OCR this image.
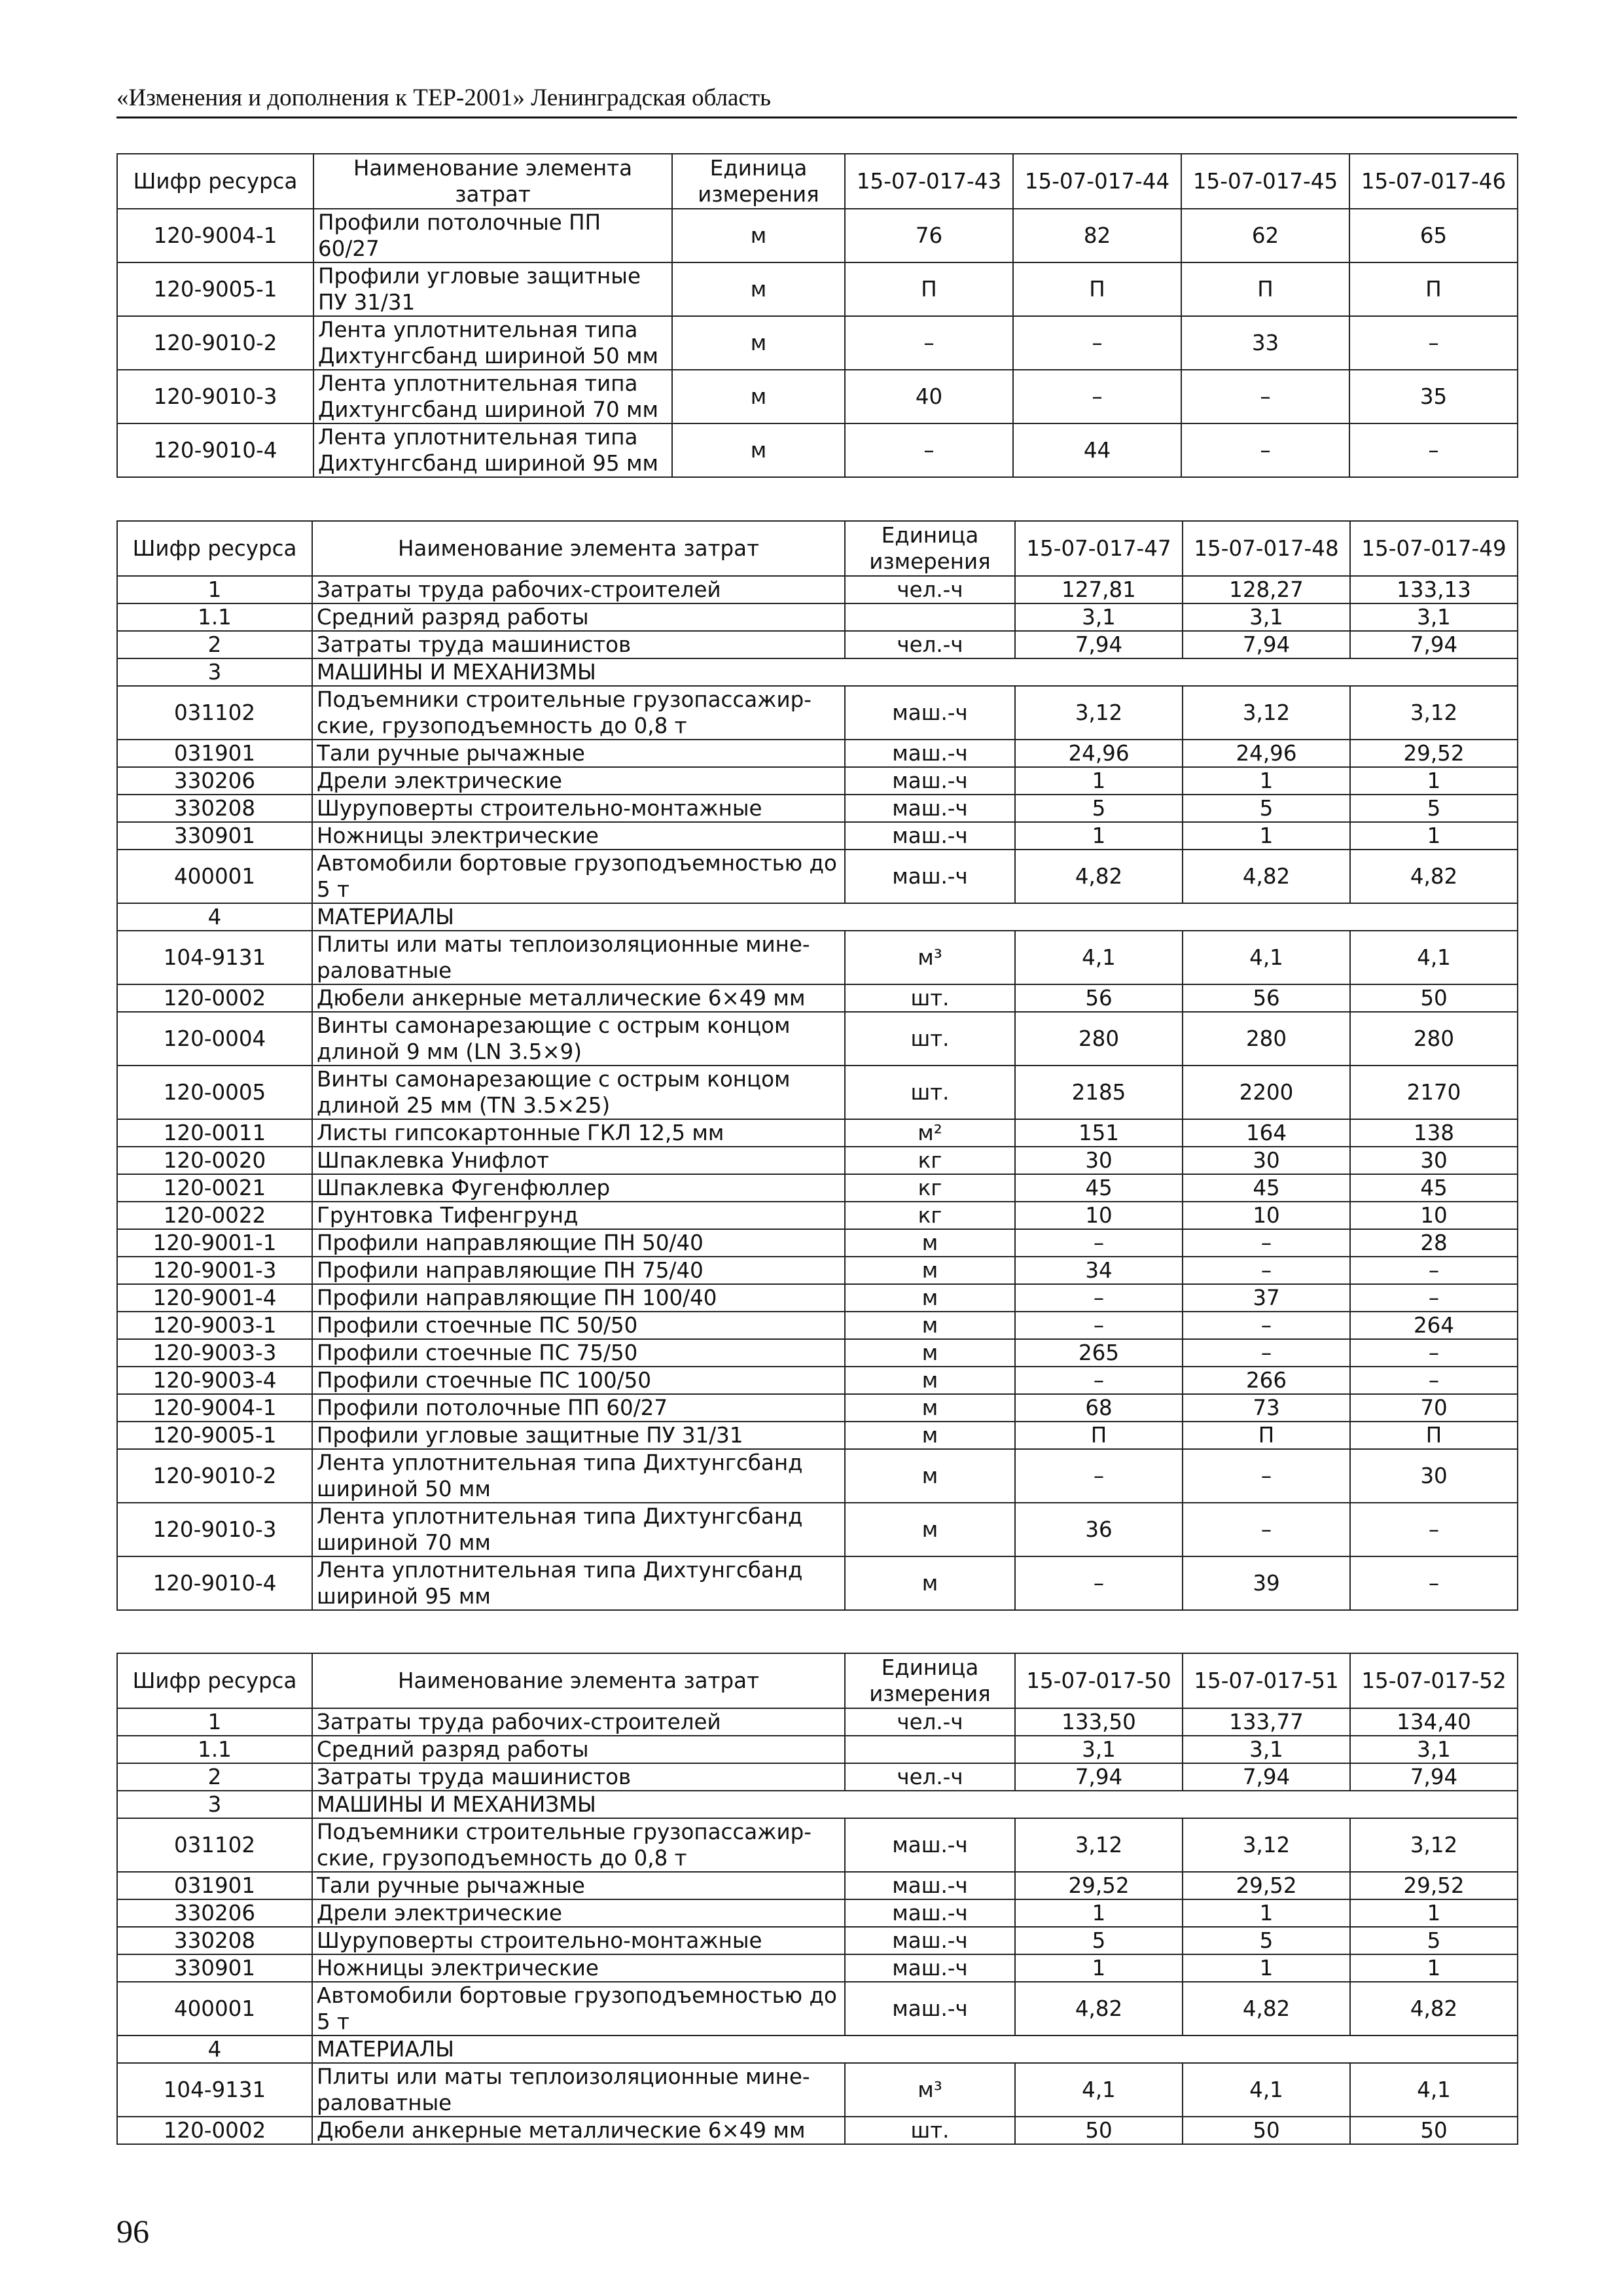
«Изменения и дополнения к ТЕР-2001» Ленинградская область
Шифр ресурса	Наименование элемента затрат	Единица измерения	15-07-017-43	15-07-017-44	15-07-017-45	15-07-017-46
120-9004-1	Профили потолочные ПП 60/27	м	76	82	62	65
120-9005-1	Профили угловые защитные ПУ 31/31	м	П	П	П	П
120-9010-2	Лента уплотнительная типа Дихтунгсбанд шириной 50 мм	м	–	–	33	–
120-9010-3	Лента уплотнительная типа Дихтунгсбанд шириной 70 мм	м	40	–	–	35
120-9010-4	Лента уплотнительная типа Дихтунгсбанд шириной 95 мм	м	–	44	–	–
Шифр ресурса	Наименование элемента затрат	Единица измерения	15-07-017-47	15-07-017-48	15-07-017-49
1	Затраты труда рабочих-строителей	чел.-ч	127,81	128,27	133,13
1.1	Средний разряд работы		3,1	3,1	3,1
2	Затраты труда машинистов	чел.-ч	7,94	7,94	7,94
3	МАШИНЫ И МЕХАНИЗМЫ				
031102	Подъемники строительные грузопассажир-ские, грузоподъемность до 0,8 т	маш.-ч	3,12	3,12	3,12
031901	Тали ручные рычажные	маш.-ч	24,96	24,96	29,52
330206	Дрели электрические	маш.-ч	1	1	1
330208	Шуруповерты строительно-монтажные	маш.-ч	5	5	5
330901	Ножницы электрические	маш.-ч	1	1	1
400001	Автомобили бортовые грузоподъемностью до 5 т	маш.-ч	4,82	4,82	4,82
4	МАТЕРИАЛЫ				
104-9131	Плиты или маты теплоизоляционные мине-раловатные	м³	4,1	4,1	4,1
120-0002	Дюбели анкерные металлические 6×49 мм	шт.	56	56	50
120-0004	Винты самонарезающие с острым концом длиной 9 мм (LN 3.5×9)	шт.	280	280	280
120-0005	Винты самонарезающие с острым концом длиной 25 мм (TN 3.5×25)	шт.	2185	2200	2170
120-0011	Листы гипсокартонные ГКЛ 12,5 мм	м²	151	164	138
120-0020	Шпаклевка Унифлот	кг	30	30	30
120-0021	Шпаклевка Фугенфюллер	кг	45	45	45
120-0022	Грунтовка Тифенгрунд	кг	10	10	10
120-9001-1	Профили направляющие ПН 50/40	м	–	–	28
120-9001-3	Профили направляющие ПН 75/40	м	34	–	–
120-9001-4	Профили направляющие ПН 100/40	м	–	37	–
120-9003-1	Профили стоечные ПС 50/50	м	–	–	264
120-9003-3	Профили стоечные ПС 75/50	м	265	–	–
120-9003-4	Профили стоечные ПС 100/50	м	–	266	–
120-9004-1	Профили потолочные ПП 60/27	м	68	73	70
120-9005-1	Профили угловые защитные ПУ 31/31	м	П	П	П
120-9010-2	Лента уплотнительная типа Дихтунгсбанд шириной 50 мм	м	–	–	30
120-9010-3	Лента уплотнительная типа Дихтунгсбанд шириной 70 мм	м	36	–	–
120-9010-4	Лента уплотнительная типа Дихтунгсбанд шириной 95 мм	м	–	39	–
Шифр ресурса	Наименование элемента затрат	Единица измерения	15-07-017-50	15-07-017-51	15-07-017-52
1	Затраты труда рабочих-строителей	чел.-ч	133,50	133,77	134,40
1.1	Средний разряд работы		3,1	3,1	3,1
2	Затраты труда машинистов	чел.-ч	7,94	7,94	7,94
3	МАШИНЫ И МЕХАНИЗМЫ				
031102	Подъемники строительные грузопассажир-ские, грузоподъемность до 0,8 т	маш.-ч	3,12	3,12	3,12
031901	Тали ручные рычажные	маш.-ч	29,52	29,52	29,52
330206	Дрели электрические	маш.-ч	1	1	1
330208	Шуруповерты строительно-монтажные	маш.-ч	5	5	5
330901	Ножницы электрические	маш.-ч	1	1	1
400001	Автомобили бортовые грузоподъемностью до 5 т	маш.-ч	4,82	4,82	4,82
4	МАТЕРИАЛЫ				
104-9131	Плиты или маты теплоизоляционные мине-раловатные	м³	4,1	4,1	4,1
120-0002	Дюбели анкерные металлические 6×49 мм	шт.	50	50	50
96
